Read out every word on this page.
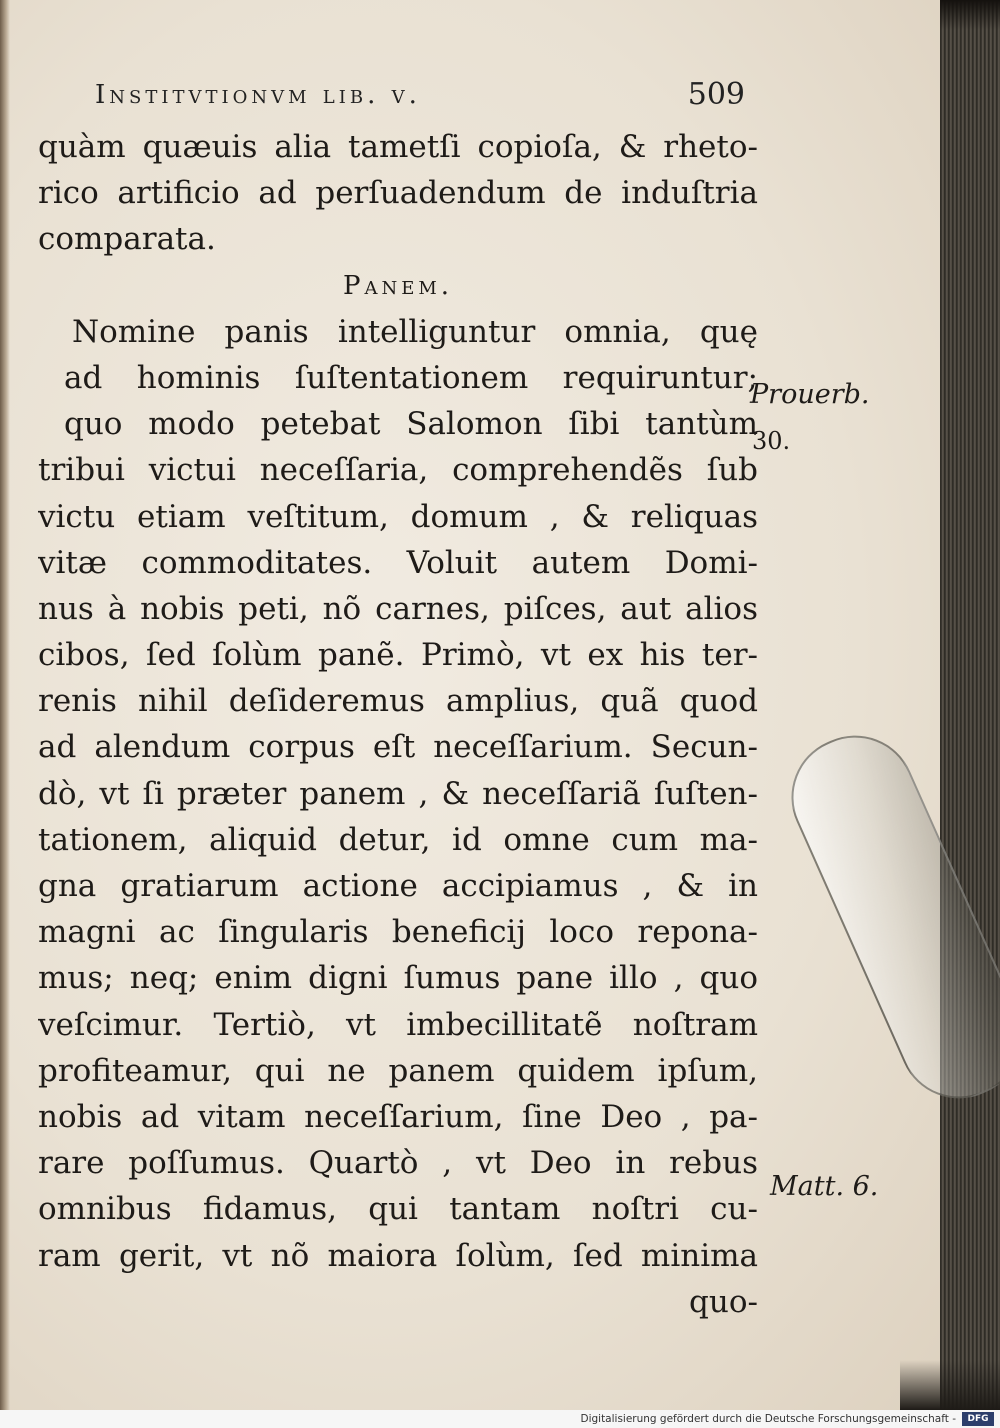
Institvtionvm lib. v.	509
quàm quæuis alia tametſi copioſa, & rheto-
rico artificio ad perſuadendum de induſtria
comparata.
Panem.
Nomine panis intelliguntur omnia, quę
ad hominis ſuſtentationem requiruntur;
quo modo petebat Salomon ſibi tantùm
tribui victui neceſſaria, comprehendẽs ſub
victu etiam veſtitum, domum , & reliquas
vitæ commoditates. Voluit autem Domi-
nus à nobis peti, nõ carnes, piſces, aut alios
cibos, ſed ſolùm panẽ. Primò, vt ex his ter-
renis nihil deſideremus amplius, quã quod
ad alendum corpus eſt neceſſarium. Secun-
dò, vt ſi præter panem , & neceſſariã ſuſten-
tationem, aliquid detur, id omne cum ma-
gna gratiarum actione accipiamus , & in
magni ac ſingularis beneficij loco repona-
mus; neq; enim digni ſumus pane illo , quo
veſcimur. Tertiò, vt imbecillitatẽ noſtram
profiteamur, qui ne panem quidem ipſum,
nobis ad vitam neceſſarium, ſine Deo , pa-
rare poſſumus. Quartò , vt Deo in rebus
omnibus fidamus, qui tantam noſtri cu-
ram gerit, vt nõ maiora ſolùm, ſed minima
quo-
Prouerb.
30.
Matt. 6.
Digitalisierung gefördert durch die Deutsche Forschungsgemeinschaft -	DFG
